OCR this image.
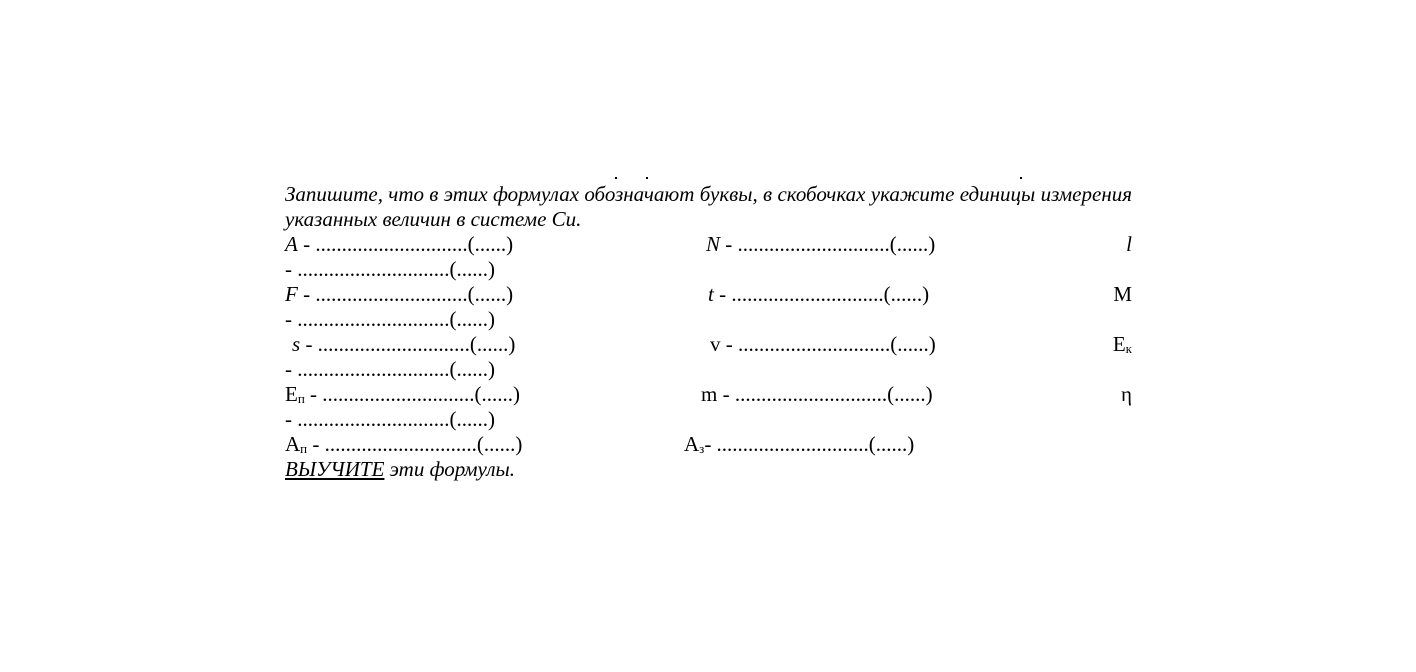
Запишите, что в этих формулах обозначают буквы, в скобочках укажите единицы измерения указанных величин в системе Си.

A - .............................(......)	N - .............................(......)	l
- .............................(......)
F - .............................(......)	t - .............................(......)	M
- .............................(......)
s - .............................(......)	v - .............................(......)	Eк
- .............................(......)
Eп - .............................(......)	m - .............................(......)	η
- .............................(......)
Aп - .............................(......)	Aз- .............................(......)
ВЫУЧИТЕ эти формулы.
